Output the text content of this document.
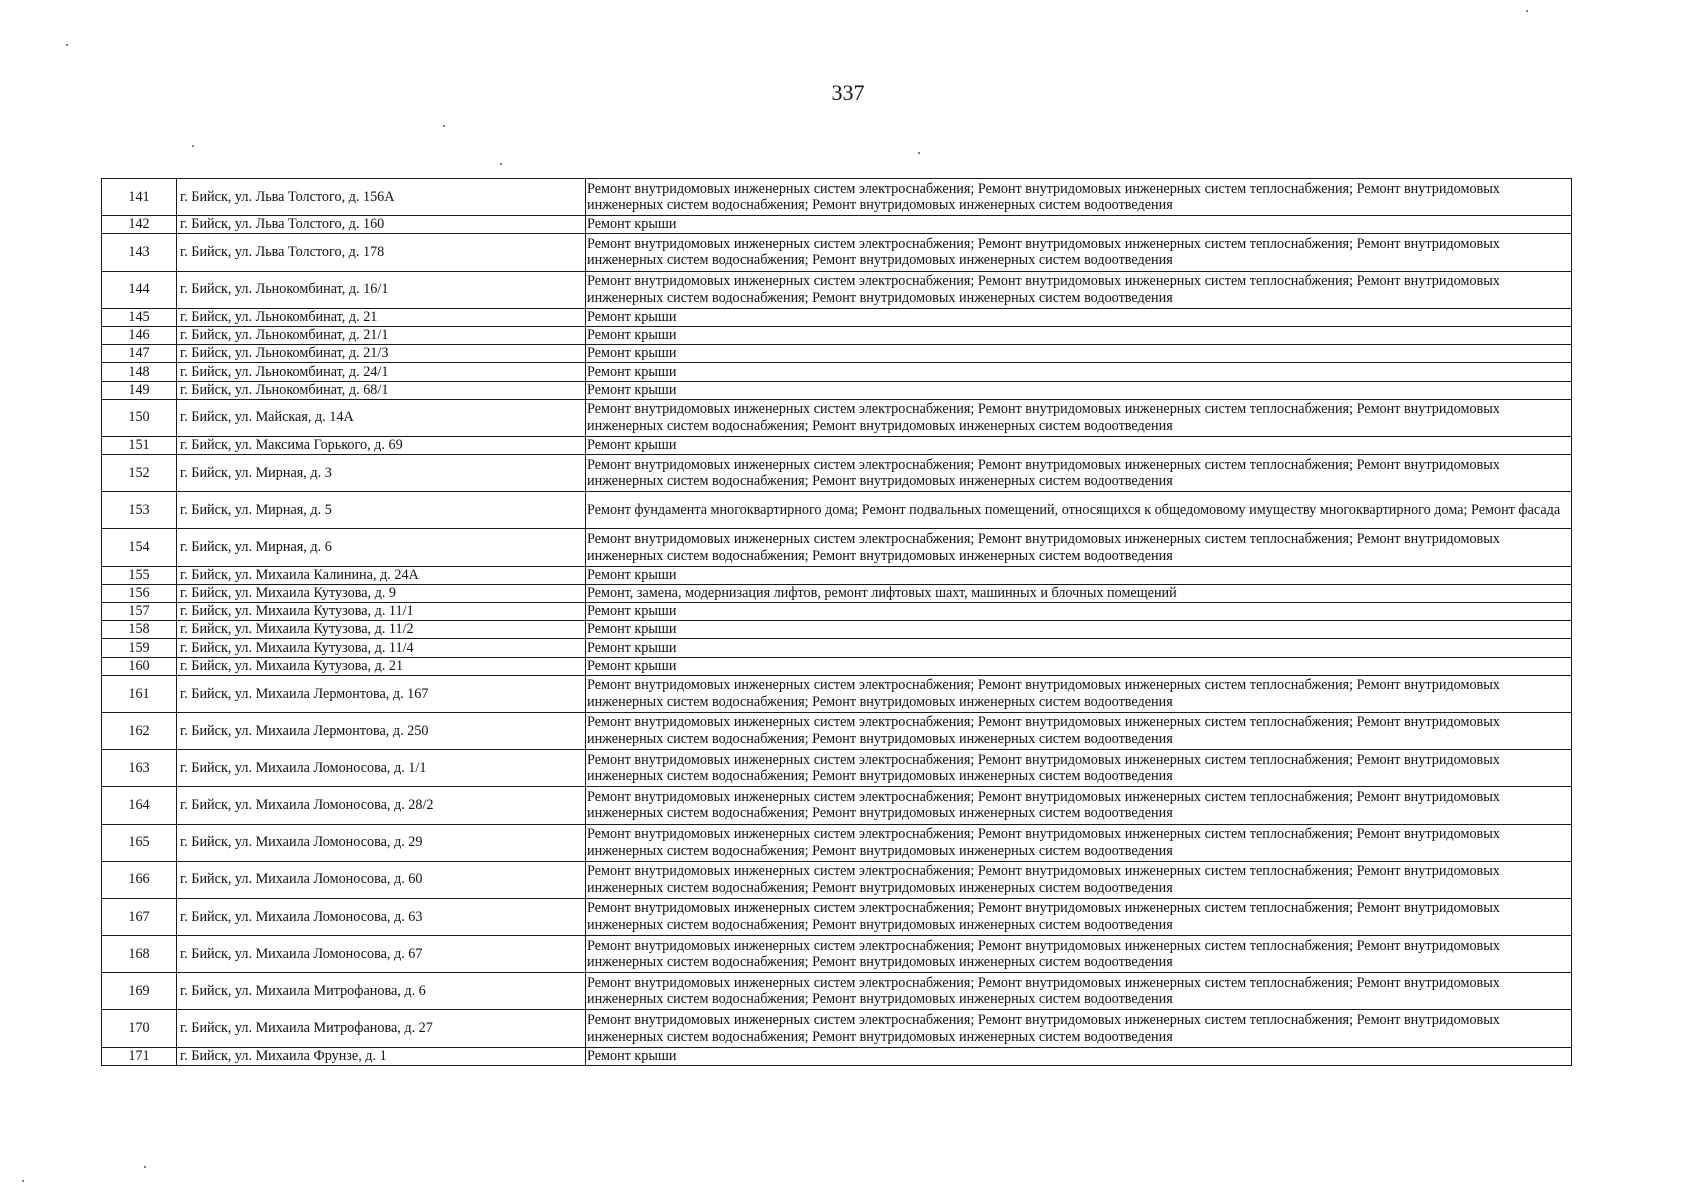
337
141	г. Бийск, ул. Льва Толстого, д. 156А	Ремонт внутридомовых инженерных систем электроснабжения; Ремонт внутридомовых инженерных систем теплоснабжения; Ремонт внутридомовых инженерных систем водоснабжения; Ремонт внутридомовых инженерных систем водоотведения
142	г. Бийск, ул. Льва Толстого, д. 160	Ремонт крыши
143	г. Бийск, ул. Льва Толстого, д. 178	Ремонт внутридомовых инженерных систем электроснабжения; Ремонт внутридомовых инженерных систем теплоснабжения; Ремонт внутридомовых инженерных систем водоснабжения; Ремонт внутридомовых инженерных систем водоотведения
144	г. Бийск, ул. Льнокомбинат, д. 16/1	Ремонт внутридомовых инженерных систем электроснабжения; Ремонт внутридомовых инженерных систем теплоснабжения; Ремонт внутридомовых инженерных систем водоснабжения; Ремонт внутридомовых инженерных систем водоотведения
145	г. Бийск, ул. Льнокомбинат, д. 21	Ремонт крыши
146	г. Бийск, ул. Льнокомбинат, д. 21/1	Ремонт крыши
147	г. Бийск, ул. Льнокомбинат, д. 21/3	Ремонт крыши
148	г. Бийск, ул. Льнокомбинат, д. 24/1	Ремонт крыши
149	г. Бийск, ул. Льнокомбинат, д. 68/1	Ремонт крыши
150	г. Бийск, ул. Майская, д. 14А	Ремонт внутридомовых инженерных систем электроснабжения; Ремонт внутридомовых инженерных систем теплоснабжения; Ремонт внутридомовых инженерных систем водоснабжения; Ремонт внутридомовых инженерных систем водоотведения
151	г. Бийск, ул. Максима Горького, д. 69	Ремонт крыши
152	г. Бийск, ул. Мирная, д. 3	Ремонт внутридомовых инженерных систем электроснабжения; Ремонт внутридомовых инженерных систем теплоснабжения; Ремонт внутридомовых инженерных систем водоснабжения; Ремонт внутридомовых инженерных систем водоотведения
153	г. Бийск, ул. Мирная, д. 5	Ремонт фундамента многоквартирного дома; Ремонт подвальных помещений, относящихся к общедомовому имуществу многоквартирного дома; Ремонт фасада
154	г. Бийск, ул. Мирная, д. 6	Ремонт внутридомовых инженерных систем электроснабжения; Ремонт внутридомовых инженерных систем теплоснабжения; Ремонт внутридомовых инженерных систем водоснабжения; Ремонт внутридомовых инженерных систем водоотведения
155	г. Бийск, ул. Михаила Калинина, д. 24А	Ремонт крыши
156	г. Бийск, ул. Михаила Кутузова, д. 9	Ремонт, замена, модернизация лифтов, ремонт лифтовых шахт, машинных и блочных помещений
157	г. Бийск, ул. Михаила Кутузова, д. 11/1	Ремонт крыши
158	г. Бийск, ул. Михаила Кутузова, д. 11/2	Ремонт крыши
159	г. Бийск, ул. Михаила Кутузова, д. 11/4	Ремонт крыши
160	г. Бийск, ул. Михаила Кутузова, д. 21	Ремонт крыши
161	г. Бийск, ул. Михаила Лермонтова, д. 167	Ремонт внутридомовых инженерных систем электроснабжения; Ремонт внутридомовых инженерных систем теплоснабжения; Ремонт внутридомовых инженерных систем водоснабжения; Ремонт внутридомовых инженерных систем водоотведения
162	г. Бийск, ул. Михаила Лермонтова, д. 250	Ремонт внутридомовых инженерных систем электроснабжения; Ремонт внутридомовых инженерных систем теплоснабжения; Ремонт внутридомовых инженерных систем водоснабжения; Ремонт внутридомовых инженерных систем водоотведения
163	г. Бийск, ул. Михаила Ломоносова, д. 1/1	Ремонт внутридомовых инженерных систем электроснабжения; Ремонт внутридомовых инженерных систем теплоснабжения; Ремонт внутридомовых инженерных систем водоснабжения; Ремонт внутридомовых инженерных систем водоотведения
164	г. Бийск, ул. Михаила Ломоносова, д. 28/2	Ремонт внутридомовых инженерных систем электроснабжения; Ремонт внутридомовых инженерных систем теплоснабжения; Ремонт внутридомовых инженерных систем водоснабжения; Ремонт внутридомовых инженерных систем водоотведения
165	г. Бийск, ул. Михаила Ломоносова, д. 29	Ремонт внутридомовых инженерных систем электроснабжения; Ремонт внутридомовых инженерных систем теплоснабжения; Ремонт внутридомовых инженерных систем водоснабжения; Ремонт внутридомовых инженерных систем водоотведения
166	г. Бийск, ул. Михаила Ломоносова, д. 60	Ремонт внутридомовых инженерных систем электроснабжения; Ремонт внутридомовых инженерных систем теплоснабжения; Ремонт внутридомовых инженерных систем водоснабжения; Ремонт внутридомовых инженерных систем водоотведения
167	г. Бийск, ул. Михаила Ломоносова, д. 63	Ремонт внутридомовых инженерных систем электроснабжения; Ремонт внутридомовых инженерных систем теплоснабжения; Ремонт внутридомовых инженерных систем водоснабжения; Ремонт внутридомовых инженерных систем водоотведения
168	г. Бийск, ул. Михаила Ломоносова, д. 67	Ремонт внутридомовых инженерных систем электроснабжения; Ремонт внутридомовых инженерных систем теплоснабжения; Ремонт внутридомовых инженерных систем водоснабжения; Ремонт внутридомовых инженерных систем водоотведения
169	г. Бийск, ул. Михаила Митрофанова, д. 6	Ремонт внутридомовых инженерных систем электроснабжения; Ремонт внутридомовых инженерных систем теплоснабжения; Ремонт внутридомовых инженерных систем водоснабжения; Ремонт внутридомовых инженерных систем водоотведения
170	г. Бийск, ул. Михаила Митрофанова, д. 27	Ремонт внутридомовых инженерных систем электроснабжения; Ремонт внутридомовых инженерных систем теплоснабжения; Ремонт внутридомовых инженерных систем водоснабжения; Ремонт внутридомовых инженерных систем водоотведения
171	г. Бийск, ул. Михаила Фрунзе, д. 1	Ремонт крыши
